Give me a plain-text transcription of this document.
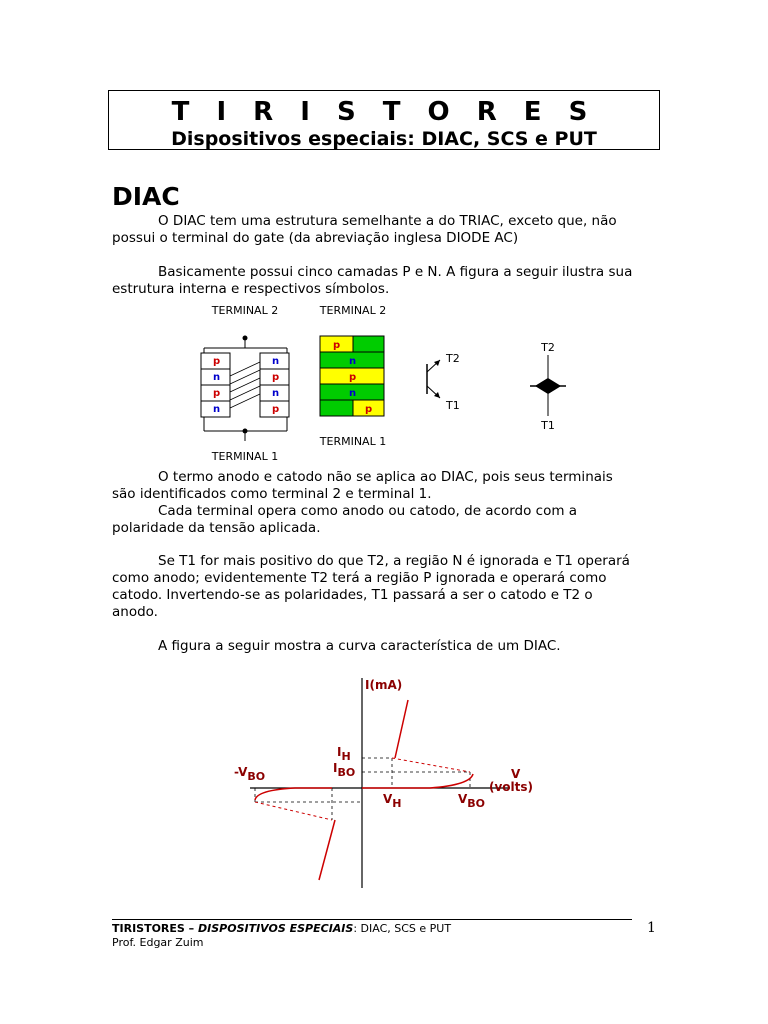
T I R I S T O R E S
Dispositivos especiais: DIAC, SCS e PUT
DIAC
O DIAC tem uma estrutura semelhante a do TRIAC, exceto que, não
possui o terminal do gate (da abreviação inglesa DIODE AC)
Basicamente possui cinco camadas P e N. A figura a seguir ilustra sua
estrutura interna e respectivos símbolos.
TERMINAL 2
TERMINAL 1
p
n
p
n
n
p
n
p
TERMINAL 2
p
n
p
n
p
TERMINAL 1
T2
T1
T2
T1
O termo anodo e catodo não se aplica ao DIAC, pois seus terminais
são identificados como terminal 2 e terminal 1.
Cada terminal opera como anodo ou catodo, de acordo com a
polaridade da tensão aplicada.
Se T1 for mais positivo do que T2, a região N é ignorada e T1 operará
como anodo; evidentemente T2 terá a região P ignorada e operará como
catodo. Invertendo-se as polaridades, T1 passará a ser o catodo e T2 o
anodo.
A figura a seguir mostra a curva característica de um DIAC.
I(mA)
IH
IBO
-VBO
VH	VBO
V
(volts)
TIRISTORES – DISPOSITIVOS ESPECIAIS: DIAC, SCS e PUT
Prof. Edgar Zuim
1
